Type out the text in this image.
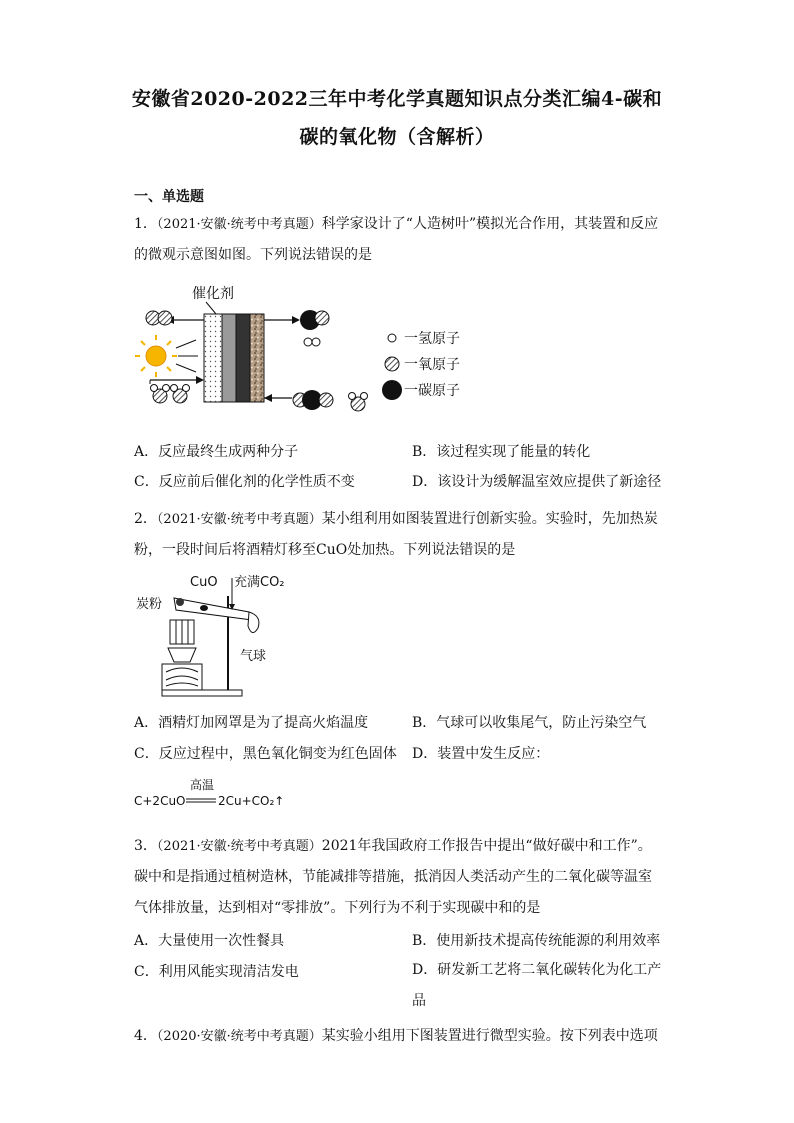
安徽省2020-2022三年中考化学真题知识点分类汇编4-碳和
碳的氧化物（含解析）
一、单选题

1．（2021·安徽·统考中考真题）科学家设计了“人造树叶”模拟光合作用，其装置和反应的微观示意图如图。下列说法错误的是

催化剂
一氢原子
一氧原子
一碳原子
A．反应最终生成两种分子	B．该过程实现了能量的转化
C．反应前后催化剂的化学性质不变	D．该设计为缓解温室效应提供了新途径

2．（2021·安徽·统考中考真题）某小组利用如图装置进行创新实验。实验时，先加热炭粉，一段时间后将酒精灯移至CuO处加热。下列说法错误的是

CuO 充满CO₂
炭粉
气球
A．酒精灯加网罩是为了提高火焰温度	B．气球可以收集尾气，防止污染空气
C．反应过程中，黑色氧化铜变为红色固体 D．装置中发生反应：
C+2CuO
高温
2Cu+CO₂↑

3．（2021·安徽·统考中考真题）2021年我国政府工作报告中提出“做好碳中和工作”。碳中和是指通过植树造林，节能减排等措施，抵消因人类活动产生的二氧化碳等温室气体排放量，达到相对“零排放”。下列行为不利于实现碳中和的是

A．大量使用一次性餐具	B．使用新技术提高传统能源的利用效率
C．利用风能实现清洁发电	D．研发新工艺将二氧化碳转化为化工产品

4．（2020·安徽·统考中考真题）某实验小组用下图装置进行微型实验。按下列表中选项
